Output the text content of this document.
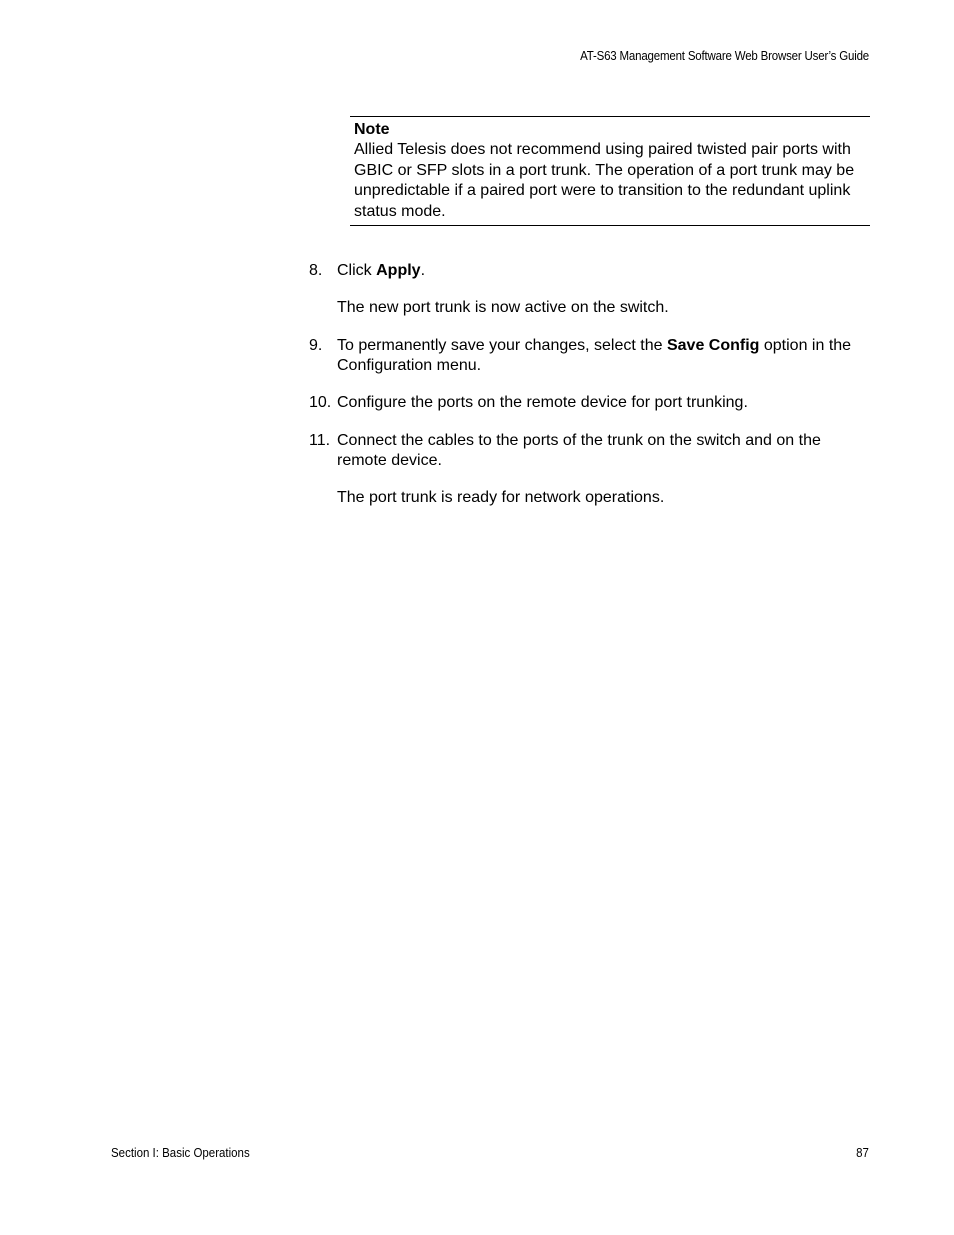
AT-S63 Management Software Web Browser User’s Guide
Note
Allied Telesis does not recommend using paired twisted pair ports with GBIC or SFP slots in a port trunk. The operation of a port trunk may be unpredictable if a paired port were to transition to the redundant uplink status mode.
8. Click Apply.
The new port trunk is now active on the switch.
9. To permanently save your changes, select the Save Config option in the Configuration menu.
10. Configure the ports on the remote device for port trunking.
11. Connect the cables to the ports of the trunk on the switch and on the remote device.
The port trunk is ready for network operations.
Section I: Basic Operations	87
